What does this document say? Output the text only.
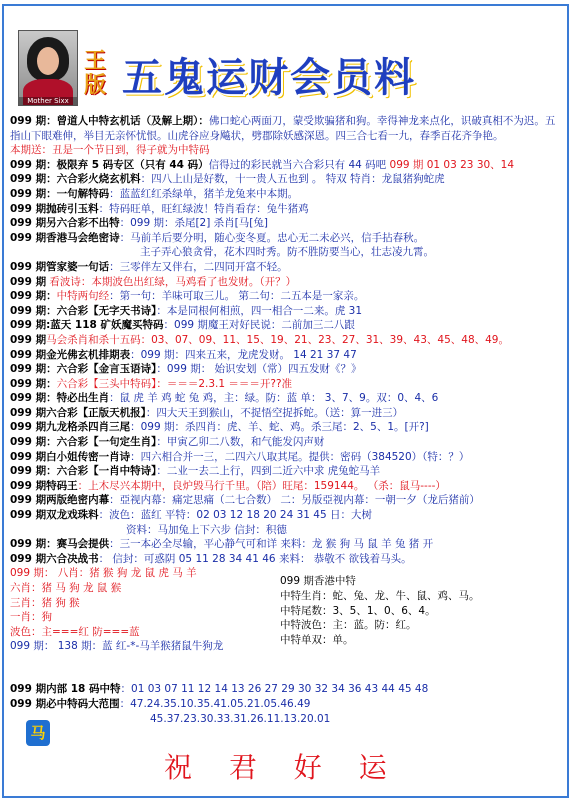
Mother Sixx
王版 五鬼运财会员料
099 期：曾道人中特玄机话（及解上期）：佛口蛇心两面刀，蒙受欺骗猪和狗。幸得神龙来点化，识破真相不为迟。五指山下眼难伸，举目无亲怀忧恨。山虎谷应身飚状，劈郡除妖感深恩。四三合七看一九，春季百花齐争艳。
本期送：丑是一个节日到，得子就为中特码
099 期：极限弃 5 码专区（只有 44 码）信得过的彩民就当六合彩只有 44 码吧 099 期 01 03 23 30、14
099 期：六合彩火烧玄机料：四八上山是好数，十一贵人五也到 。 特双 特肖：龙鼠猪狗蛇虎
099 期：一句解特码：蓝蓝红红杀绿单，猪羊龙兔来中本期。
099 期抛砖引玉料：特码旺单，旺红绿波！特肖看存：兔牛猪鸡
099 期另六合彩不出特：099 期：杀尾[2] 杀肖[马[兔]
099 期香港马会绝密诗：马前羊后要分明，随心变冬夏。忠心无二未必兴，信手拈春秋。
主子弄心狼贪骨，花木四时秀。防不胜防要当心，壮志凌九霄。
099 期管家婆一句话：三零伴左又伴右，二四同开富不轻。
099 期 看波诗：本期波色出红绿，马鸡看了也发财。（开？）
099 期：中特两句经：第一句：羊味可取三儿。 第二句：二五本是一家亲。
099 期：六合彩【无字天书诗】：本是同根何相煎，四一相合一二来。虎 31
099 期:蓝天 118 矿妖魔买特码：099 期魔王对好民说：二前加三二八跟
099 期马会杀肖和杀十五码：03、07、09、11、15、19、21、23、27、31、39、43、45、48、49。
099 期金光佛玄机排期表：099 期：四来五来，龙虎发财。 14 21 37 47
099 期：六合彩【金言玉语诗】：099 期： 始识安划（常）四五发财《？》
099 期：六合彩【三头中特码】：＝＝＝2.3.1 ＝＝＝开??准
099 期：特必出生肖：鼠 虎 羊 鸡 蛇 兔 鸡，主：绿。防：蓝 单： 3、7、9。双：0、4、6
099 期六合彩【正版天机报】：四大天王到猴山，不捉悟空捉拆蛇。（送：算一进三）
099 期九龙格杀四肖三尾：099 期：杀四肖：虎、羊、蛇、鸡。杀三尾：2、5、1。[开?]
099 期：六合彩【一句定生肖】：甲寅乙卯二八数，和气能发闪声财
099 期白小姐传密一肖诗：四六相合并一三，二四六八取其尾。提供：密码（384520）（特：？）
099 期：六合彩【一肖中特诗】：二业一去二上行，四到二近六中求 虎兔蛇马羊
099 期特码王：上木尽兴本期中，良炉毁马行千里。（陪）旺尾：159144。 （杀：鼠马----）
099 期两版绝密内幕：亞视内幕：痛定思痛（二七合数） 二：另版亞视内幕：一朝一夕（龙后猪前）
099 期双龙戏珠料：波色：蓝红 平特：02 03 12 18 20 24 31 45 日：大树
资料：马加兔上下六步 信封：积德
099 期：赛马会提供：三一本必全尽输，平心静气可和详 来料：龙 猴 狗 马 鼠 羊 兔 猪 开
099 期六合决战书： 信封：可惑阴 05 11 28 34 41 46 来料： 恭敬不 欲钱着马头。
099 期： 八肖：猪 猴 狗 龙 鼠 虎 马 羊
六肖：猪 马 狗 龙 鼠 猴
三肖：猪 狗 猴
一肖：狗
波色：主===红 防===蓝
099 期： 138 期：蓝 红-*-马羊猴猪鼠牛狗龙
099 期香港中特
中特生肖：蛇、兔、龙、牛、鼠、鸡、马。
中特尾数：3、5、1、0、6、4。
中特波色：主：蓝。防：红。
中特单双：单。
099 期内部 18 码中特：01 03 07 11 12 14 13 26 27 29 30 32 34 36 43 44 45 48
099 期必中特码大范围：47.24.35.10.35.41.05.21.05.46.49
45.37.23.30.33.31.26.11.13.20.01
马
祝 君 好 运
